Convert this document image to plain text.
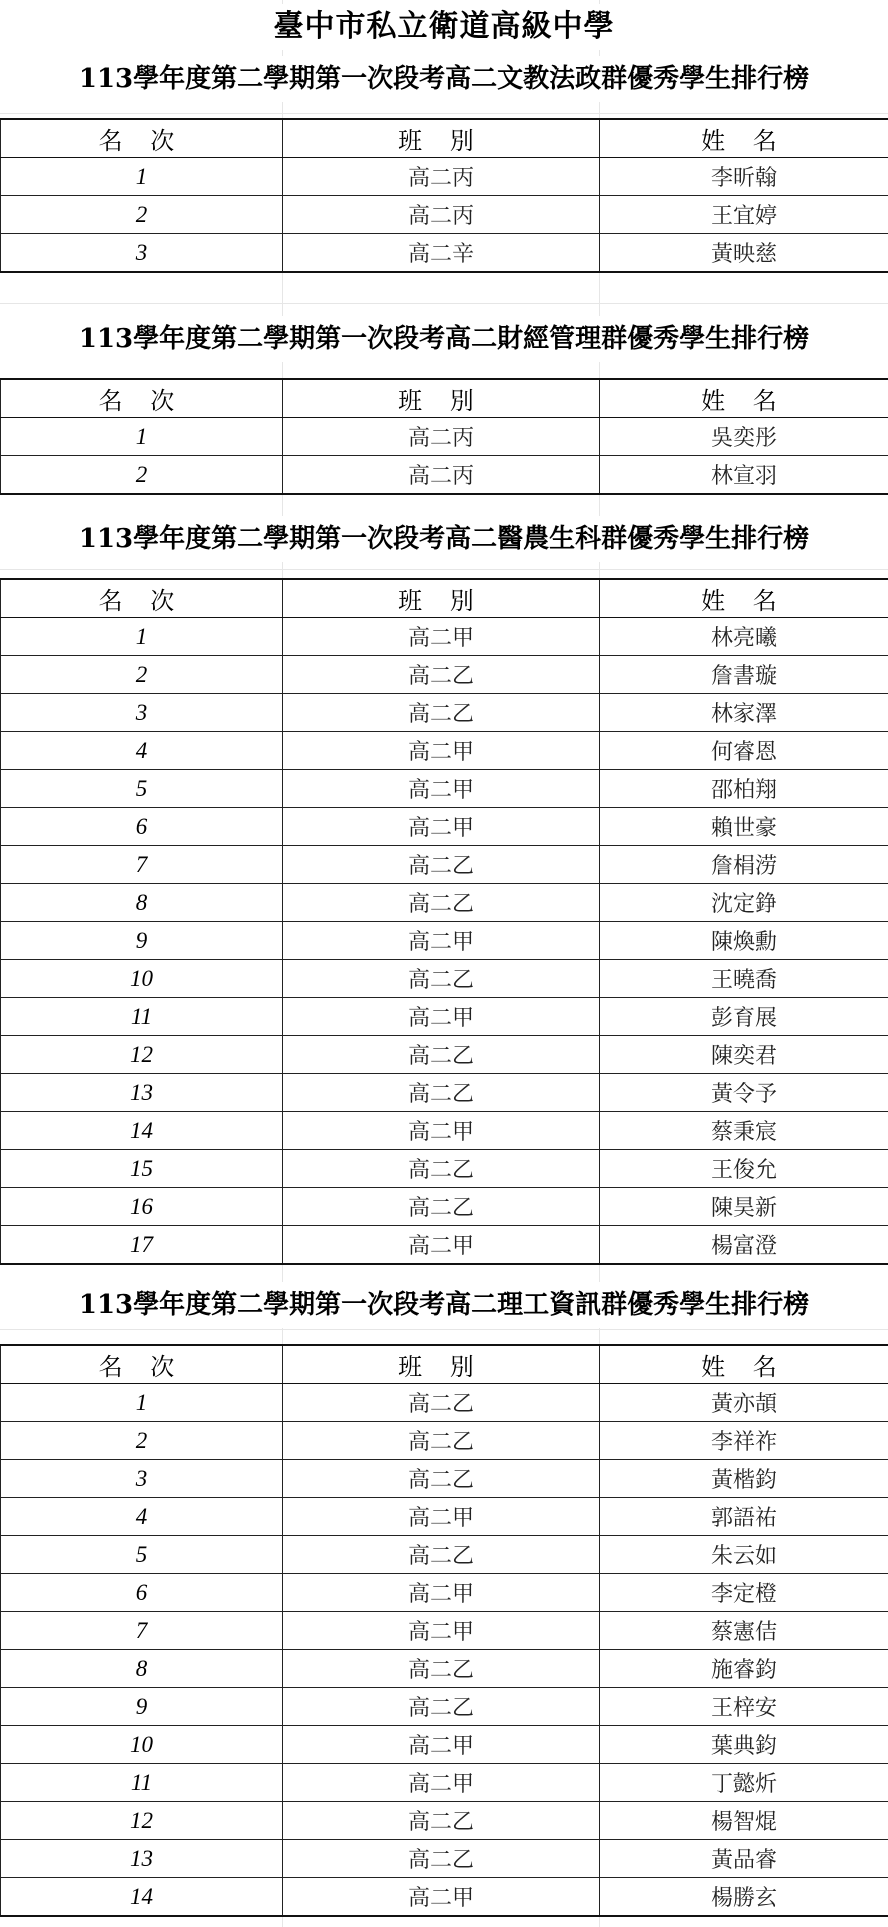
臺中市私立衛道高級中學
113學年度第二學期第一次段考高二文教法政群優秀學生排行榜
名 次	班 別	姓 名
1	高二丙	李昕翰
2	高二丙	王宜婷
3	高二辛	黃映慈
113學年度第二學期第一次段考高二財經管理群優秀學生排行榜
名 次	班 別	姓 名
1	高二丙	吳奕彤
2	高二丙	林宣羽
113學年度第二學期第一次段考高二醫農生科群優秀學生排行榜
名 次	班 別	姓 名
1	高二甲	林亮曦
2	高二乙	詹書璇
3	高二乙	林家澤
4	高二甲	何睿恩
5	高二甲	邵柏翔
6	高二甲	賴世豪
7	高二乙	詹梋涝
8	高二乙	沈定錚
9	高二甲	陳煥勳
10	高二乙	王曉喬
11	高二甲	彭育展
12	高二乙	陳奕君
13	高二乙	黃令予
14	高二甲	蔡秉宸
15	高二乙	王俊允
16	高二乙	陳昊新
17	高二甲	楊富澄
113學年度第二學期第一次段考高二理工資訊群優秀學生排行榜
名 次	班 別	姓 名
1	高二乙	黃亦頡
2	高二乙	李祥祚
3	高二乙	黃楷鈞
4	高二甲	郭語祐
5	高二乙	朱云如
6	高二甲	李定橙
7	高二甲	蔡憲佶
8	高二乙	施睿鈞
9	高二乙	王梓安
10	高二甲	葉典鈞
11	高二甲	丁懿炘
12	高二乙	楊智焜
13	高二乙	黃品睿
14	高二甲	楊勝玄
